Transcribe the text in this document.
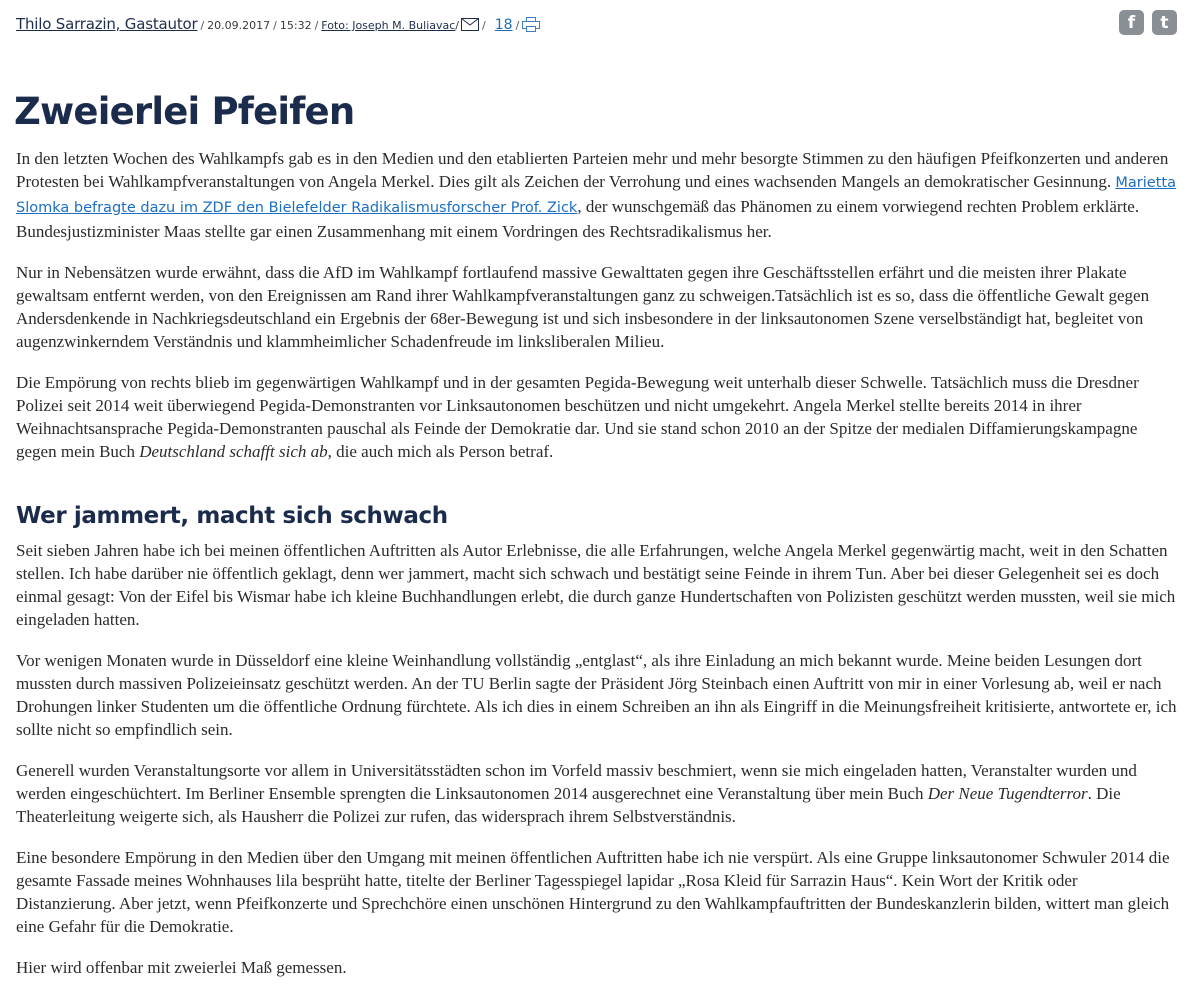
Thilo Sarrazin, Gastautor / 20.09.2017 / 15:32 / Foto: Joseph M. Buliavac / / 18 /	f	t
Zweierlei Pfeifen

In den letzten Wochen des Wahlkampfs gab es in den Medien und den etablierten Parteien mehr und mehr besorgte Stimmen zu den häufigen Pfeifkonzerten und anderen Protesten bei Wahlkampfveranstaltungen von Angela Merkel. Dies gilt als Zeichen der Verrohung und eines wachsenden Mangels an demokratischer Gesinnung. Marietta Slomka befragte dazu im ZDF den Bielefelder Radikalismusforscher Prof. Zick, der wunschgemäß das Phänomen zu einem vorwiegend rechten Problem erklärte. Bundesjustizminister Maas stellte gar einen Zusammenhang mit einem Vordringen des Rechtsradikalismus her.

Nur in Nebensätzen wurde erwähnt, dass die AfD im Wahlkampf fortlaufend massive Gewalttaten gegen ihre Geschäftsstellen erfährt und die meisten ihrer Plakate gewaltsam entfernt werden, von den Ereignissen am Rand ihrer Wahlkampfveranstaltungen ganz zu schweigen.Tatsächlich ist es so, dass die öffentliche Gewalt gegen Andersdenkende in Nachkriegsdeutschland ein Ergebnis der 68er-Bewegung ist und sich insbesondere in der linksautonomen Szene verselbständigt hat, begleitet von augenzwinkerndem Verständnis und klammheimlicher Schadenfreude im linksliberalen Milieu.

Die Empörung von rechts blieb im gegenwärtigen Wahlkampf und in der gesamten Pegida-Bewegung weit unterhalb dieser Schwelle. Tatsächlich muss die Dresdner Polizei seit 2014 weit überwiegend Pegida-Demonstranten vor Linksautonomen beschützen und nicht umgekehrt. Angela Merkel stellte bereits 2014 in ihrer Weihnachtsansprache Pegida-Demonstranten pauschal als Feinde der Demokratie dar. Und sie stand schon 2010 an der Spitze der medialen Diffamierungskampagne gegen mein Buch Deutschland schafft sich ab, die auch mich als Person betraf.

Wer jammert, macht sich schwach

Seit sieben Jahren habe ich bei meinen öffentlichen Auftritten als Autor Erlebnisse, die alle Erfahrungen, welche Angela Merkel gegenwärtig macht, weit in den Schatten stellen. Ich habe darüber nie öffentlich geklagt, denn wer jammert, macht sich schwach und bestätigt seine Feinde in ihrem Tun. Aber bei dieser Gelegenheit sei es doch einmal gesagt: Von der Eifel bis Wismar habe ich kleine Buchhandlungen erlebt, die durch ganze Hundertschaften von Polizisten geschützt werden mussten, weil sie mich eingeladen hatten.

Vor wenigen Monaten wurde in Düsseldorf eine kleine Weinhandlung vollständig „entglast“, als ihre Einladung an mich bekannt wurde. Meine beiden Lesungen dort mussten durch massiven Polizeieinsatz geschützt werden. An der TU Berlin sagte der Präsident Jörg Steinbach einen Auftritt von mir in einer Vorlesung ab, weil er nach Drohungen linker Studenten um die öffentliche Ordnung fürchtete. Als ich dies in einem Schreiben an ihn als Eingriff in die Meinungsfreiheit kritisierte, antwortete er, ich sollte nicht so empfindlich sein.

Generell wurden Veranstaltungsorte vor allem in Universitätsstädten schon im Vorfeld massiv beschmiert, wenn sie mich eingeladen hatten, Veranstalter wurden und werden eingeschüchtert. Im Berliner Ensemble sprengten die Linksautonomen 2014 ausgerechnet eine Veranstaltung über mein Buch Der Neue Tugendterror. Die Theaterleitung weigerte sich, als Hausherr die Polizei zur rufen, das widersprach ihrem Selbstverständnis.

Eine besondere Empörung in den Medien über den Umgang mit meinen öffentlichen Auftritten habe ich nie verspürt. Als eine Gruppe linksautonomer Schwuler 2014 die gesamte Fassade meines Wohnhauses lila besprüht hatte, titelte der Berliner Tagesspiegel lapidar „Rosa Kleid für Sarrazin Haus“. Kein Wort der Kritik oder Distanzierung. Aber jetzt, wenn Pfeifkonzerte und Sprechchöre einen unschönen Hintergrund zu den Wahlkampfauftritten der Bundeskanzlerin bilden, wittert man gleich eine Gefahr für die Demokratie.

Hier wird offenbar mit zweierlei Maß gemessen.
